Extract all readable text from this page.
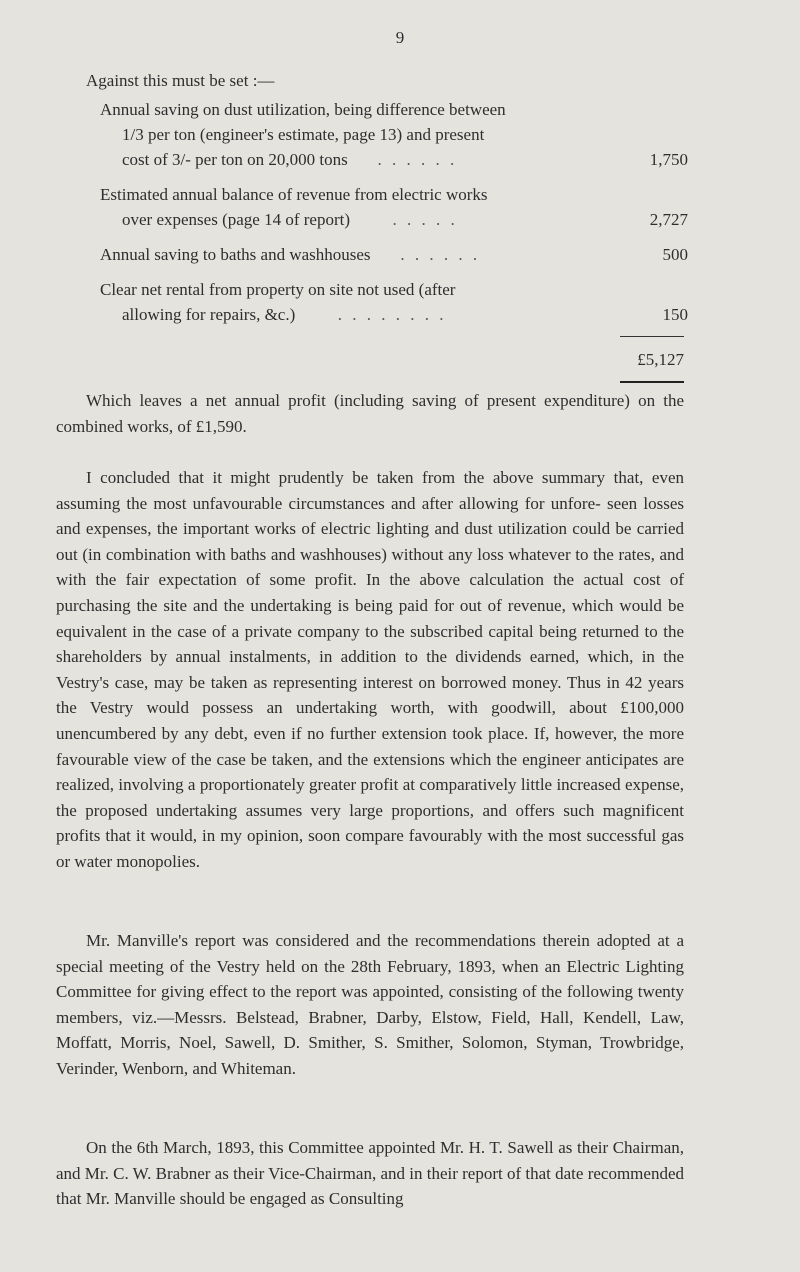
9
Against this must be set :—
Annual saving on dust utilization, being difference between
1/3 per ton (engineer's estimate, page 13) and present
cost of 3/- per ton on 20,000 tons . . . . . .	1,750
Estimated annual balance of revenue from electric works
over expenses (page 14 of report)	. . . . .	2,727
Annual saving to baths and washhouses . . . . . .	500
Clear net rental from property on site not used (after
allowing for repairs, &c.)	. . . . . . . .	150
£5,127

Which leaves a net annual profit (including saving of present expenditure) on the combined works, of £1,590.

I concluded that it might prudently be taken from the above summary that, even assuming the most unfavourable circumstances and after allowing for unfore- seen losses and expenses, the important works of electric lighting and dust utilization could be carried out (in combination with baths and washhouses) without any loss whatever to the rates, and with the fair expectation of some profit. In the above calculation the actual cost of purchasing the site and the undertaking is being paid for out of revenue, which would be equivalent in the case of a private company to the subscribed capital being returned to the shareholders by annual instalments, in addition to the dividends earned, which, in the Vestry's case, may be taken as representing interest on borrowed money. Thus in 42 years the Vestry would possess an undertaking worth, with goodwill, about £100,000 unencumbered by any debt, even if no further extension took place. If, however, the more favourable view of the case be taken, and the extensions which the engineer anticipates are realized, involving a proportionately greater profit at comparatively little increased expense, the proposed undertaking assumes very large proportions, and offers such magnificent profits that it would, in my opinion, soon compare favourably with the most successful gas or water monopolies.

Mr. Manville's report was considered and the recommendations therein adopted at a special meeting of the Vestry held on the 28th February, 1893, when an Electric Lighting Committee for giving effect to the report was appointed, consisting of the following twenty members, viz.—Messrs. Belstead, Brabner, Darby, Elstow, Field, Hall, Kendell, Law, Moffatt, Morris, Noel, Sawell, D. Smither, S. Smither, Solomon, Styman, Trowbridge, Verinder, Wenborn, and Whiteman.

On the 6th March, 1893, this Committee appointed Mr. H. T. Sawell as their Chairman, and Mr. C. W. Brabner as their Vice-Chairman, and in their report of that date recommended that Mr. Manville should be engaged as Consulting
